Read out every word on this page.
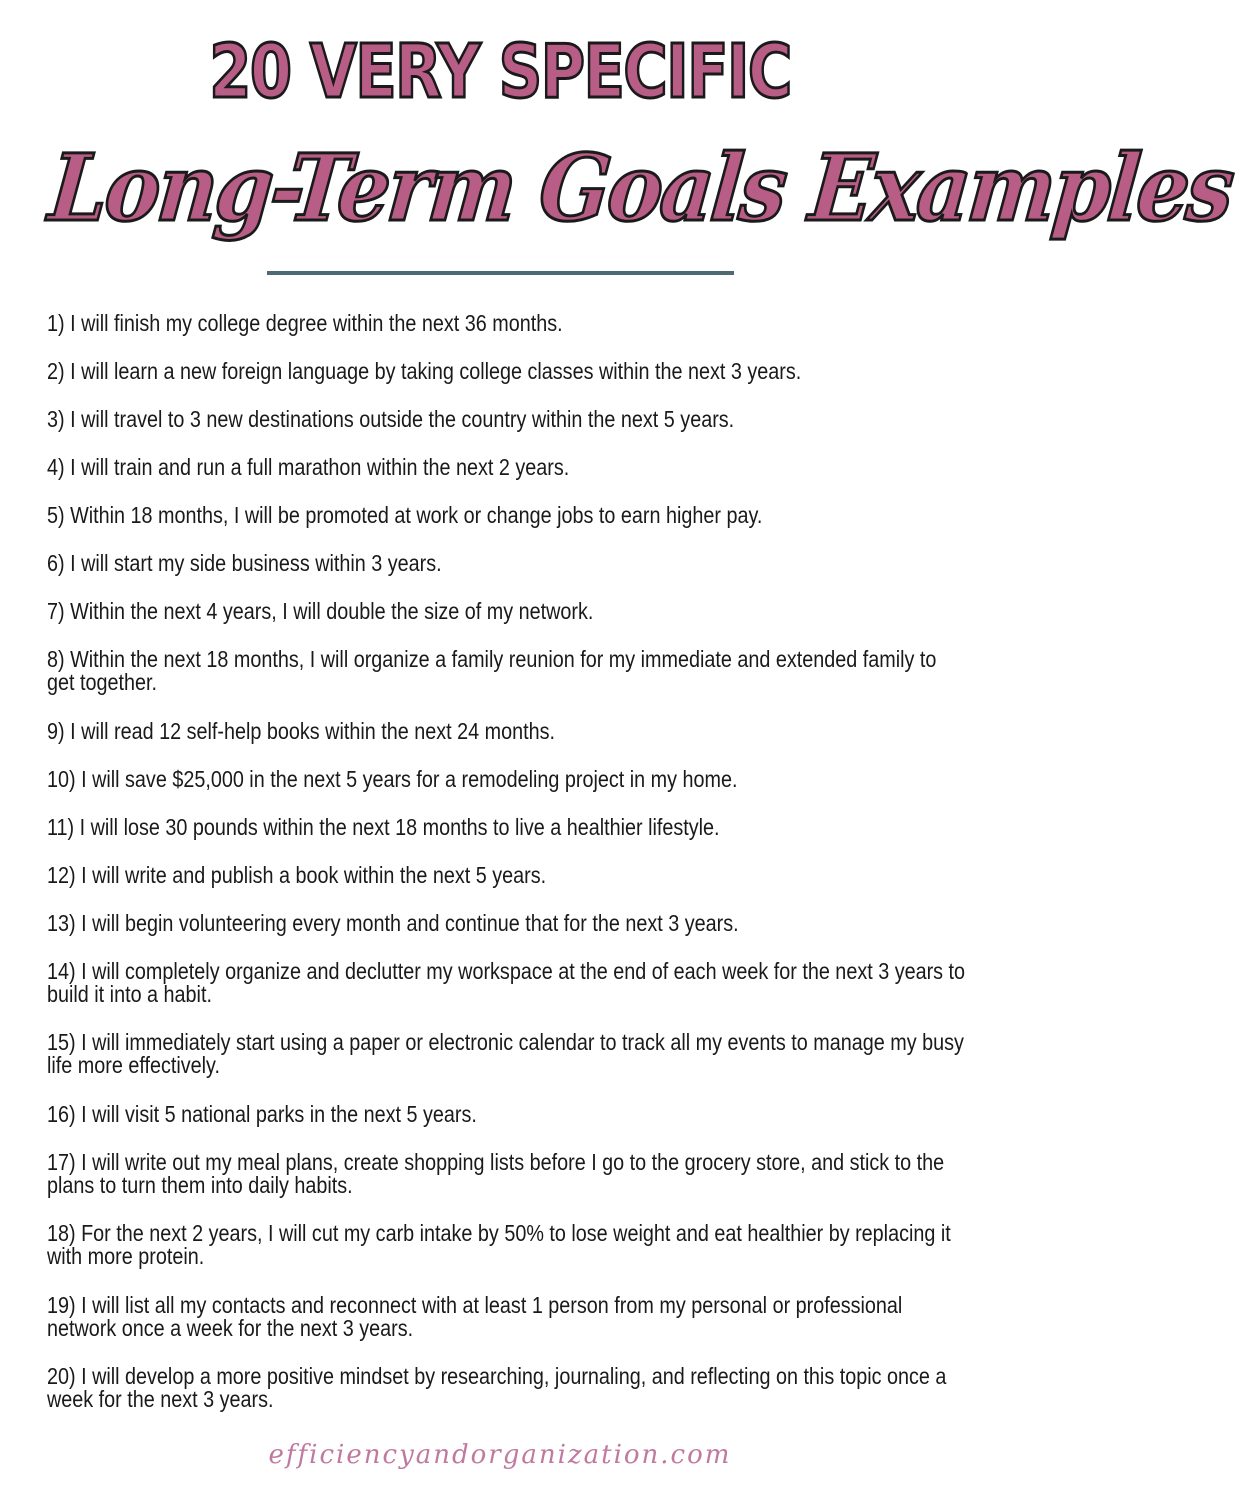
20 VERY SPECIFIC
Long-Term Goals Examples
1) I will finish my college degree within the next 36 months.
2) I will learn a new foreign language by taking college classes within the next 3 years.
3) I will travel to 3 new destinations outside the country within the next 5 years.
4) I will train and run a full marathon within the next 2 years.
5) Within 18 months, I will be promoted at work or change jobs to earn higher pay.
6) I will start my side business within 3 years.
7) Within the next 4 years, I will double the size of my network.
8) Within the next 18 months, I will organize a family reunion for my immediate and extended family to get together.
9) I will read 12 self-help books within the next 24 months.
10) I will save $25,000 in the next 5 years for a remodeling project in my home.
11) I will lose 30 pounds within the next 18 months to live a healthier lifestyle.
12) I will write and publish a book within the next 5 years.
13) I will begin volunteering every month and continue that for the next 3 years.
14) I will completely organize and declutter my workspace at the end of each week for the next 3 years to build it into a habit.
15) I will immediately start using a paper or electronic calendar to track all my events to manage my busy life more effectively.
16) I will visit 5 national parks in the next 5 years.
17) I will write out my meal plans, create shopping lists before I go to the grocery store, and stick to the plans to turn them into daily habits.
18) For the next 2 years, I will cut my carb intake by 50% to lose weight and eat healthier by replacing it with more protein.
19) I will list all my contacts and reconnect with at least 1 person from my personal or professional network once a week for the next 3 years.
20) I will develop a more positive mindset by researching, journaling, and reflecting on this topic once a week for the next 3 years.
efficiencyandorganization.com
